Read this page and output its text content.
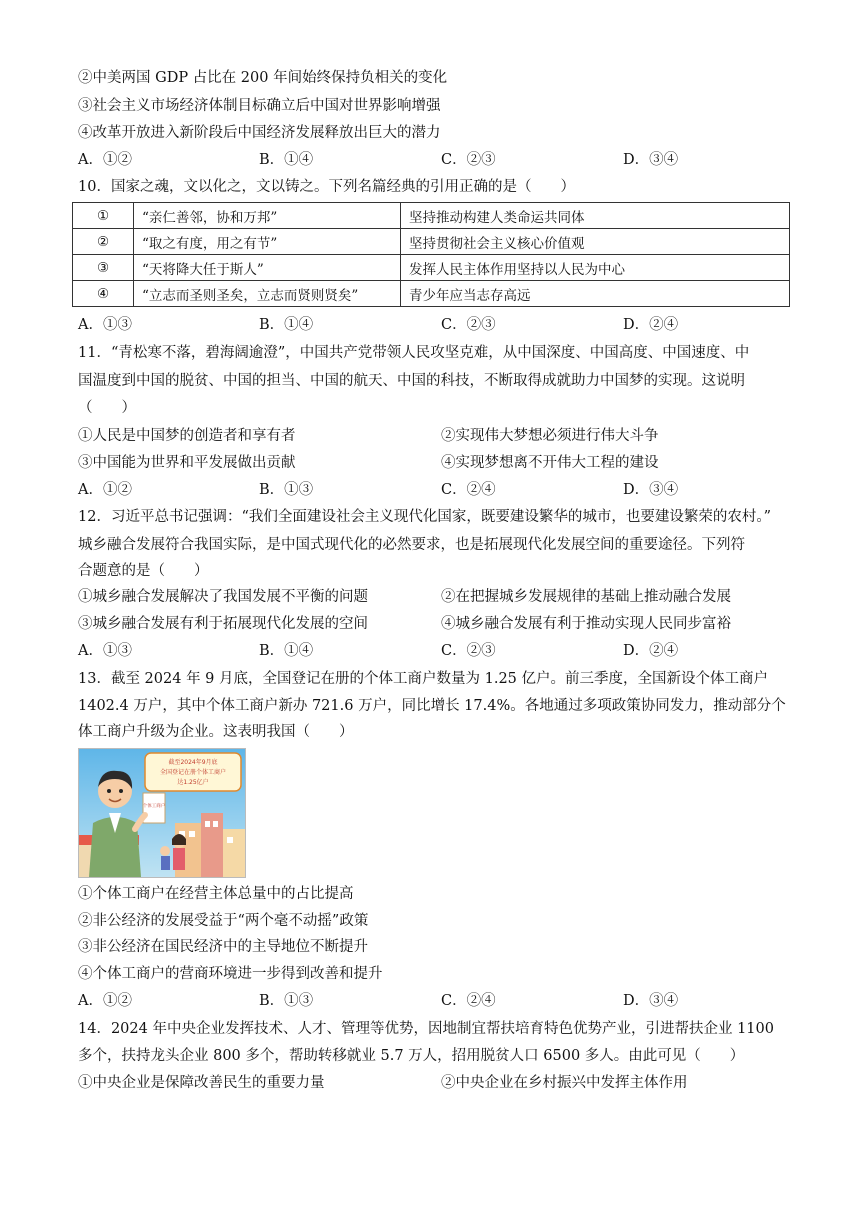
②中美两国 GDP 占比在 200 年间始终保持负相关的变化
③社会主义市场经济体制目标确立后中国对世界影响增强
④改革开放进入新阶段后中国经济发展释放出巨大的潜力
A．①②	B．①④	C．②③	D．③④
10．国家之魂，文以化之，文以铸之。下列名篇经典的引用正确的是（　　）
①	“亲仁善邻，协和万邦”	坚持推动构建人类命运共同体
②	“取之有度，用之有节”	坚持贯彻社会主义核心价值观
③	“天将降大任于斯人”	发挥人民主体作用坚持以人民为中心
④	“立志而圣则圣矣，立志而贤则贤矣”	青少年应当志存高远
A．①③	B．①④	C．②③	D．②④
11．“青松寒不落，碧海阔逾澄”，中国共产党带领人民攻坚克难，从中国深度、中国高度、中国速度、中
国温度到中国的脱贫、中国的担当、中国的航天、中国的科技，不断取得成就助力中国梦的实现。这说明
（　　）
①人民是中国梦的创造者和享有者	②实现伟大梦想必须进行伟大斗争
③中国能为世界和平发展做出贡献	④实现梦想离不开伟大工程的建设
A．①②	B．①③	C．②④	D．③④
12．习近平总书记强调：“我们全面建设社会主义现代化国家，既要建设繁华的城市，也要建设繁荣的农村。”
城乡融合发展符合我国实际，是中国式现代化的必然要求，也是拓展现代化发展空间的重要途径。下列符
合题意的是（　　）
①城乡融合发展解决了我国发展不平衡的问题	②在把握城乡发展规律的基础上推动融合发展
③城乡融合发展有利于拓展现代化发展的空间	④城乡融合发展有利于推动实现人民同步富裕
A．①③	B．①④	C．②③	D．②④
13．截至 2024 年 9 月底，全国登记在册的个体工商户数量为 1.25 亿户。前三季度，全国新设个体工商户
1402.4 万户，其中个体工商户新办 721.6 万户，同比增长 17.4%。各地通过多项政策协同发力，推动部分个
体工商户升级为企业。这表明我国（　　）
截至2024年9月底
全国登记在册个体工商户
达1.25亿户
个体工商户
①个体工商户在经营主体总量中的占比提高
②非公经济的发展受益于“两个毫不动摇”政策
③非公经济在国民经济中的主导地位不断提升
④个体工商户的营商环境进一步得到改善和提升
A．①②	B．①③	C．②④	D．③④
14．2024 年中央企业发挥技术、人才、管理等优势，因地制宜帮扶培育特色优势产业，引进帮扶企业 1100
多个，扶持龙头企业 800 多个，帮助转移就业 5.7 万人，招用脱贫人口 6500 多人。由此可见（　　）
①中央企业是保障改善民生的重要力量	②中央企业在乡村振兴中发挥主体作用
